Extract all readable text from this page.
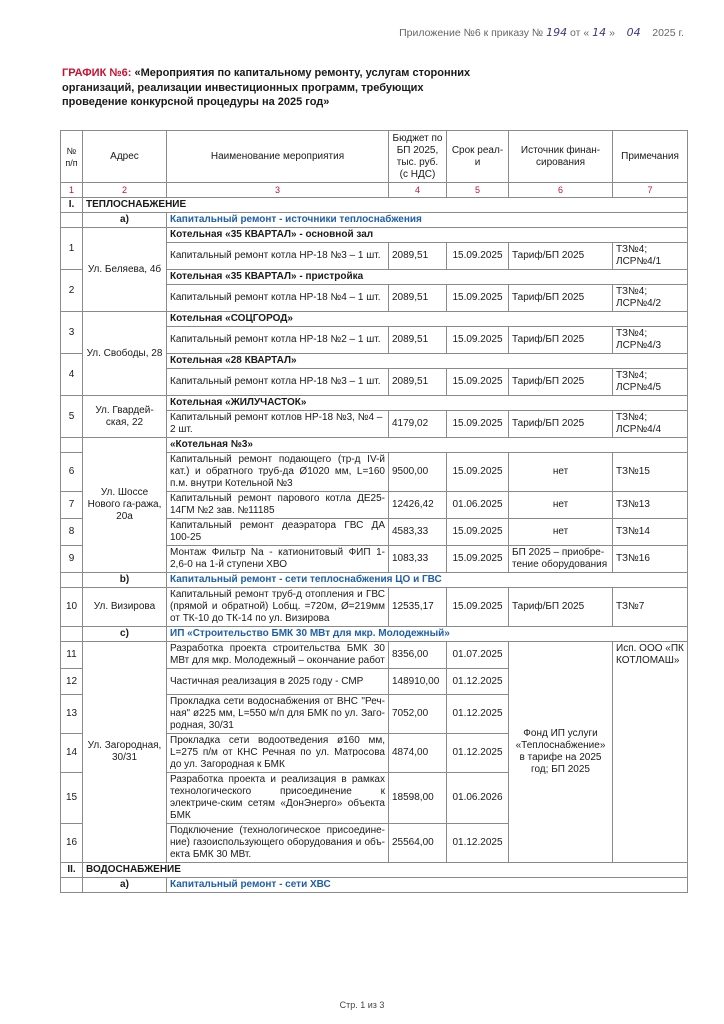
Приложение №6 к приказу № 194 от « 14 » 04 2025 г.
ГРАФИК №6: «Мероприятия по капитальному ремонту, услугам сторонних организаций, реализации инвестиционных программ, требующих проведение конкурсной процедуры на 2025 год»
№ п/п	Адрес	Наименование мероприятия	Бюджет по БП 2025, тыс. руб. (с НДС)	Срок реал-и	Источник финан-сирования	Примечания
1	2	3	4	5	6	7
I.	ТЕПЛОСНАБЖЕНИЕ					
	a)	Капитальный ремонт - источники теплоснабжения				
1	Ул. Беляева, 4б	Котельная «35 КВАРТАЛ» - основной зал				
		Капитальный ремонт котла НР-18 №3 – 1 шт.	2089,51	15.09.2025	Тариф/БП 2025	ТЗ№4; ЛСР№4/1
2		Котельная «35 КВАРТАЛ» - пристройка				
		Капитальный ремонт котла НР-18 №4 – 1 шт.	2089,51	15.09.2025	Тариф/БП 2025	ТЗ№4; ЛСР№4/2
3	Ул. Свободы, 28	Котельная «СОЦГОРОД»				
		Капитальный ремонт котла НР-18 №2 – 1 шт.	2089,51	15.09.2025	Тариф/БП 2025	ТЗ№4; ЛСР№4/3
4		Котельная «28 КВАРТАЛ»				
		Капитальный ремонт котла НР-18 №3 – 1 шт.	2089,51	15.09.2025	Тариф/БП 2025	ТЗ№4; ЛСР№4/5
5	Ул. Гвардей-ская, 22	Котельная «ЖИЛУЧАСТОК»				
		Капитальный ремонт котлов НР-18 №3, №4 – 2 шт.	4179,02	15.09.2025	Тариф/БП 2025	ТЗ№4; ЛСР№4/4
	Ул. Шоссе Нового га-ража, 20а	«Котельная №3»				
6		Капитальный ремонт подающего (тр-д IV-й кат.) и обратного труб-да Ø1020 мм, L=160 п.м. внутри Котельной №3	9500,00	15.09.2025	нет	ТЗ№15
7		Капитальный ремонт парового котла ДЕ25-14ГМ №2 зав. №11185	12426,42	01.06.2025	нет	ТЗ№13
8		Капитальный ремонт деаэратора ГВС ДА 100-25	4583,33	15.09.2025	нет	ТЗ№14
9		Монтаж Фильтр Na - катионитовый ФИП 1-2,6-0 на 1-й ступени ХВО	1083,33	15.09.2025	БП 2025 – приобре-тение оборудования	ТЗ№16
	b)	Капитальный ремонт - сети теплоснабжения ЦО и ГВС				
10	Ул. Визирова	Капитальный ремонт труб-д отопления и ГВС (прямой и обратной) Lобщ. =720м, Ø=219мм от ТК-10 до ТК-14 по ул. Визирова	12535,17	15.09.2025	Тариф/БП 2025	ТЗ№7
	c)	ИП «Строительство БМК 30 МВт для мкр. Молодежный»				
11	Ул. Загородная, 30/31	Разработка проекта строительства БМК 30 МВт для мкр. Молодежный – окончание работ	8356,00	01.07.2025	Фонд ИП услуги «Теплоснабжение» в тарифе на 2025 год; БП 2025	Исп. ООО «ПК КОТЛОМАШ»
12		Частичная реализация в 2025 году - СМР	148910,00	01.12.2025		
13		Прокладка сети водоснабжения от ВНС "Реч-ная" ø225 мм, L=550 м/п для БМК по ул. Заго-родная, 30/31	7052,00	01.12.2025		
14		Прокладка сети водоотведения ø160 мм, L=275 п/м от КНС Речная по ул. Матросова до ул. Загородная к БМК	4874,00	01.12.2025		
15		Разработка проекта и реализация в рамках технологического присоединение к электриче-ским сетям «ДонЭнерго» объекта БМК	18598,00	01.06.2026		
16		Подключение (технологическое присоедине-ние) газоиспользующего оборудования и объ-екта БМК 30 МВт.	25564,00	01.12.2025		
II.	ВОДОСНАБЖЕНИЕ					
	a)	Капитальный ремонт - сети ХВС				
Стр. 1 из 3
